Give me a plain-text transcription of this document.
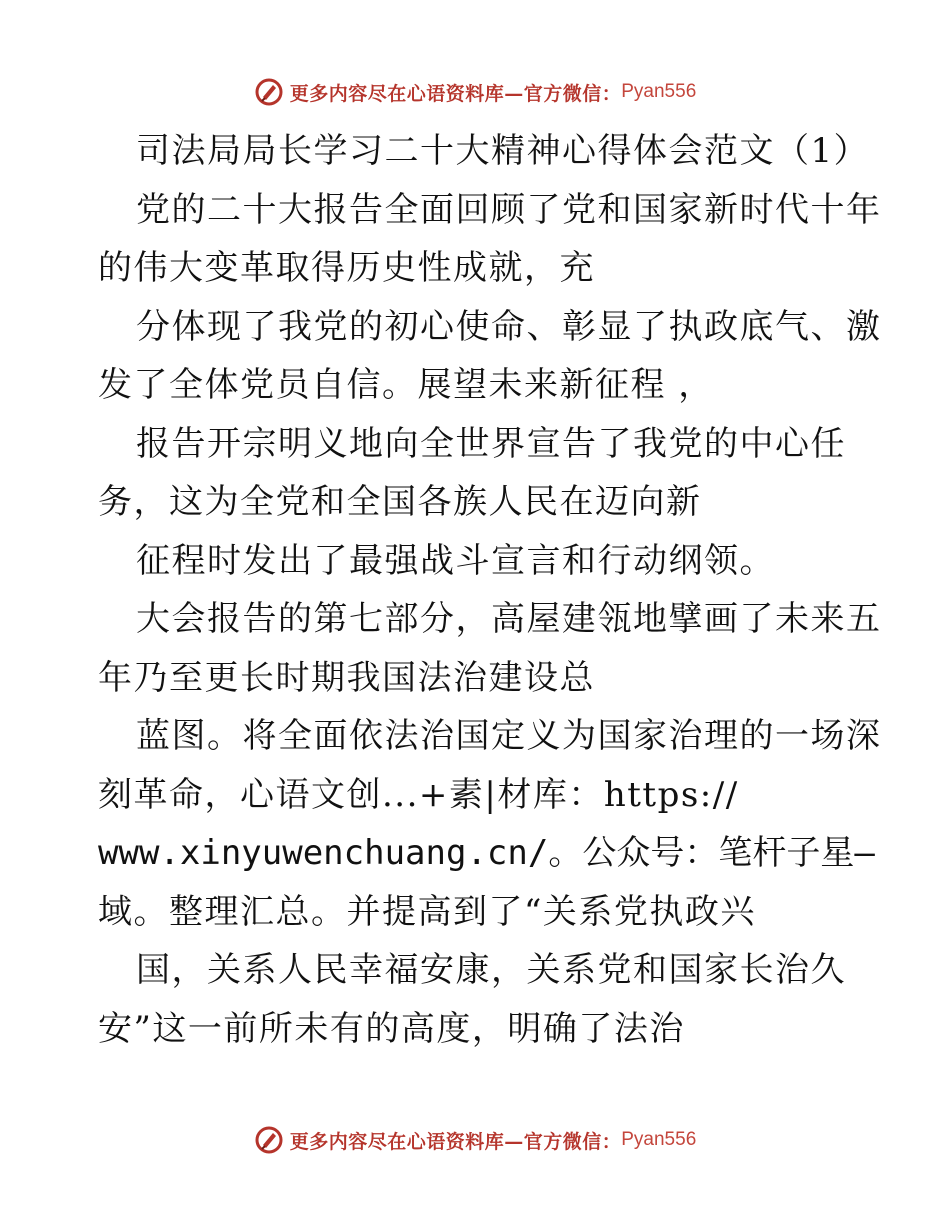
更多内容尽在心语资料库—官方微信： Pyan556
司法局局长学习二十大精神心得体会范文（1）
党的二十大报告全面回顾了党和国家新时代十年
的伟大变革取得历史性成就，充
分体现了我党的初心使命、彰显了执政底气、激
发了全体党员自信。展望未来新征程 ，
报告开宗明义地向全世界宣告了我党的中心任
务，这为全党和全国各族人民在迈向新
征程时发出了最强战斗宣言和行动纲领。
大会报告的第七部分，高屋建瓴地擘画了未来五
年乃至更长时期我国法治建设总
蓝图。将全面依法治国定义为国家治理的一场深
刻革命，心语文创...+素|材库：https://
www.xinyuwenchuang.cn/。公众号：笔杆子星—
域。整理汇总。并提高到了“关系党执政兴
国，关系人民幸福安康，关系党和国家长治久
安”这一前所未有的高度，明确了法治
更多内容尽在心语资料库—官方微信： Pyan556
